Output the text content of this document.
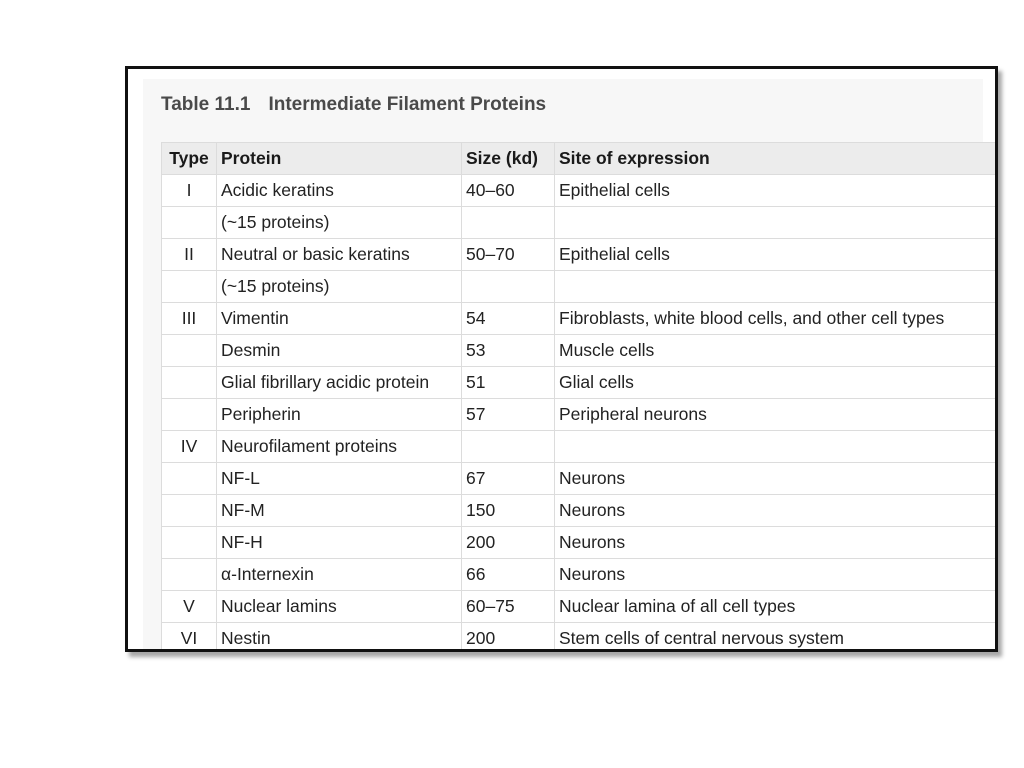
Table 11.1 Intermediate Filament Proteins
Type	Protein	Size (kd)	Site of expression
I	Acidic keratins	40–60	Epithelial cells
	(~15 proteins)		
II	Neutral or basic keratins	50–70	Epithelial cells
	(~15 proteins)		
III	Vimentin	54	Fibroblasts, white blood cells, and other cell types
	Desmin	53	Muscle cells
	Glial fibrillary acidic protein	51	Glial cells
	Peripherin	57	Peripheral neurons
IV	Neurofilament proteins		
	NF-L	67	Neurons
	NF-M	150	Neurons
	NF-H	200	Neurons
	α-Internexin	66	Neurons
V	Nuclear lamins	60–75	Nuclear lamina of all cell types
VI	Nestin	200	Stem cells of central nervous system
